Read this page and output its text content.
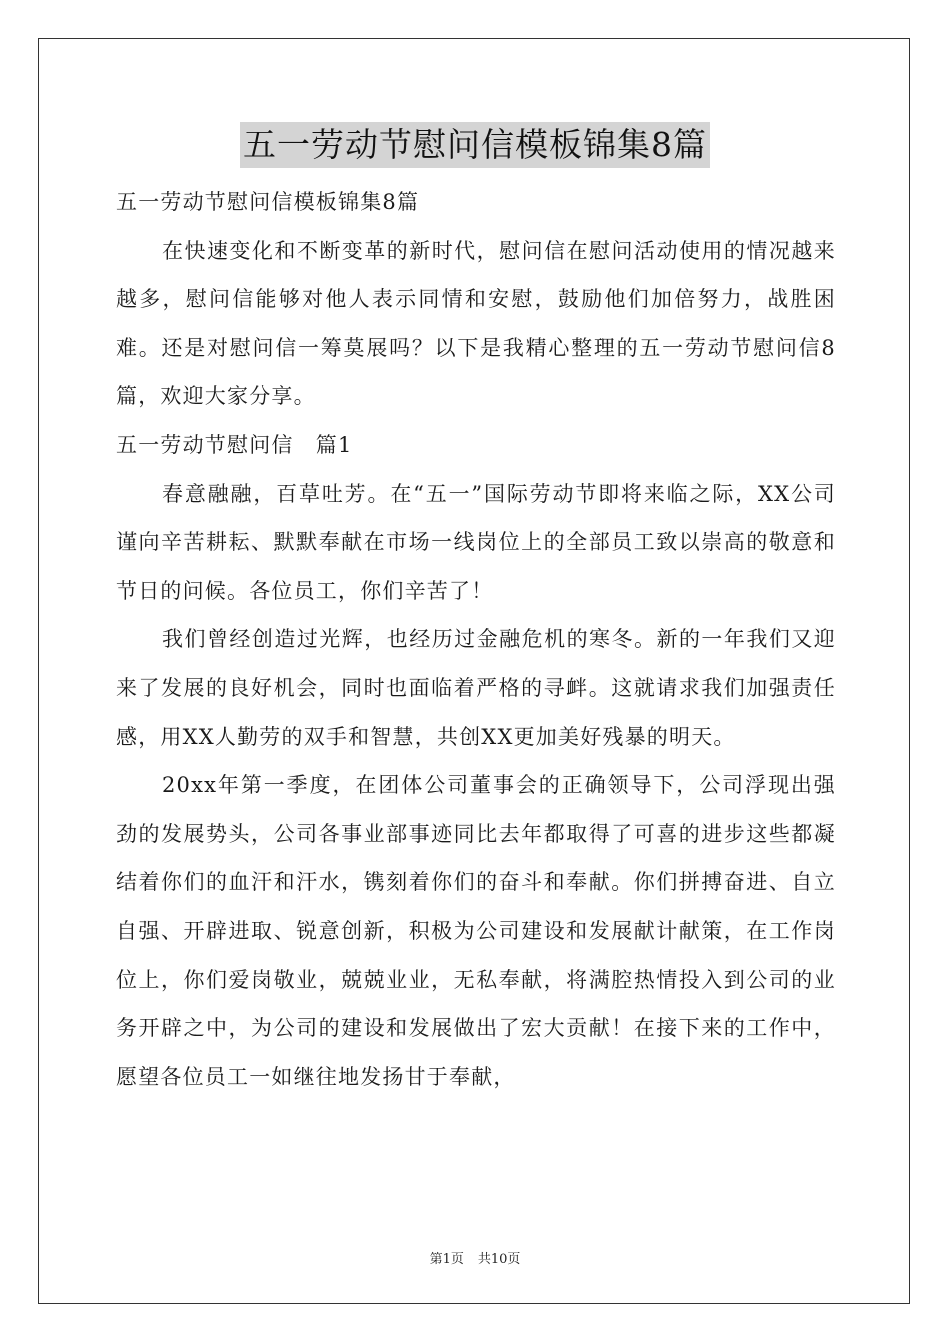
五一劳动节慰问信模板锦集8篇

五一劳动节慰问信模板锦集8篇

在快速变化和不断变革的新时代，慰问信在慰问活动使用的情况越来越多，慰问信能够对他人表示同情和安慰，鼓励他们加倍努力，战胜困难。还是对慰问信一筹莫展吗？以下是我精心整理的五一劳动节慰问信8篇，欢迎大家分享。

五一劳动节慰问信　篇1

春意融融，百草吐芳。在“五一”国际劳动节即将来临之际，XX公司谨向辛苦耕耘、默默奉献在市场一线岗位上的全部员工致以崇高的敬意和节日的问候。各位员工，你们辛苦了！

我们曾经创造过光辉，也经历过金融危机的寒冬。新的一年我们又迎来了发展的良好机会，同时也面临着严格的寻衅。这就请求我们加强责任感，用XX人勤劳的双手和智慧，共创XX更加美好残暴的明天。

20xx年第一季度，在团体公司董事会的正确领导下，公司浮现出强劲的发展势头，公司各事业部事迹同比去年都取得了可喜的进步这些都凝结着你们的血汗和汗水，镌刻着你们的奋斗和奉献。你们拼搏奋进、自立自强、开辟进取、锐意创新，积极为公司建设和发展献计献策，在工作岗位上，你们爱岗敬业，兢兢业业，无私奉献，将满腔热情投入到公司的业务开辟之中，为公司的建设和发展做出了宏大贡献！在接下来的工作中，愿望各位员工一如继往地发扬甘于奉献，

第1页 共10页
